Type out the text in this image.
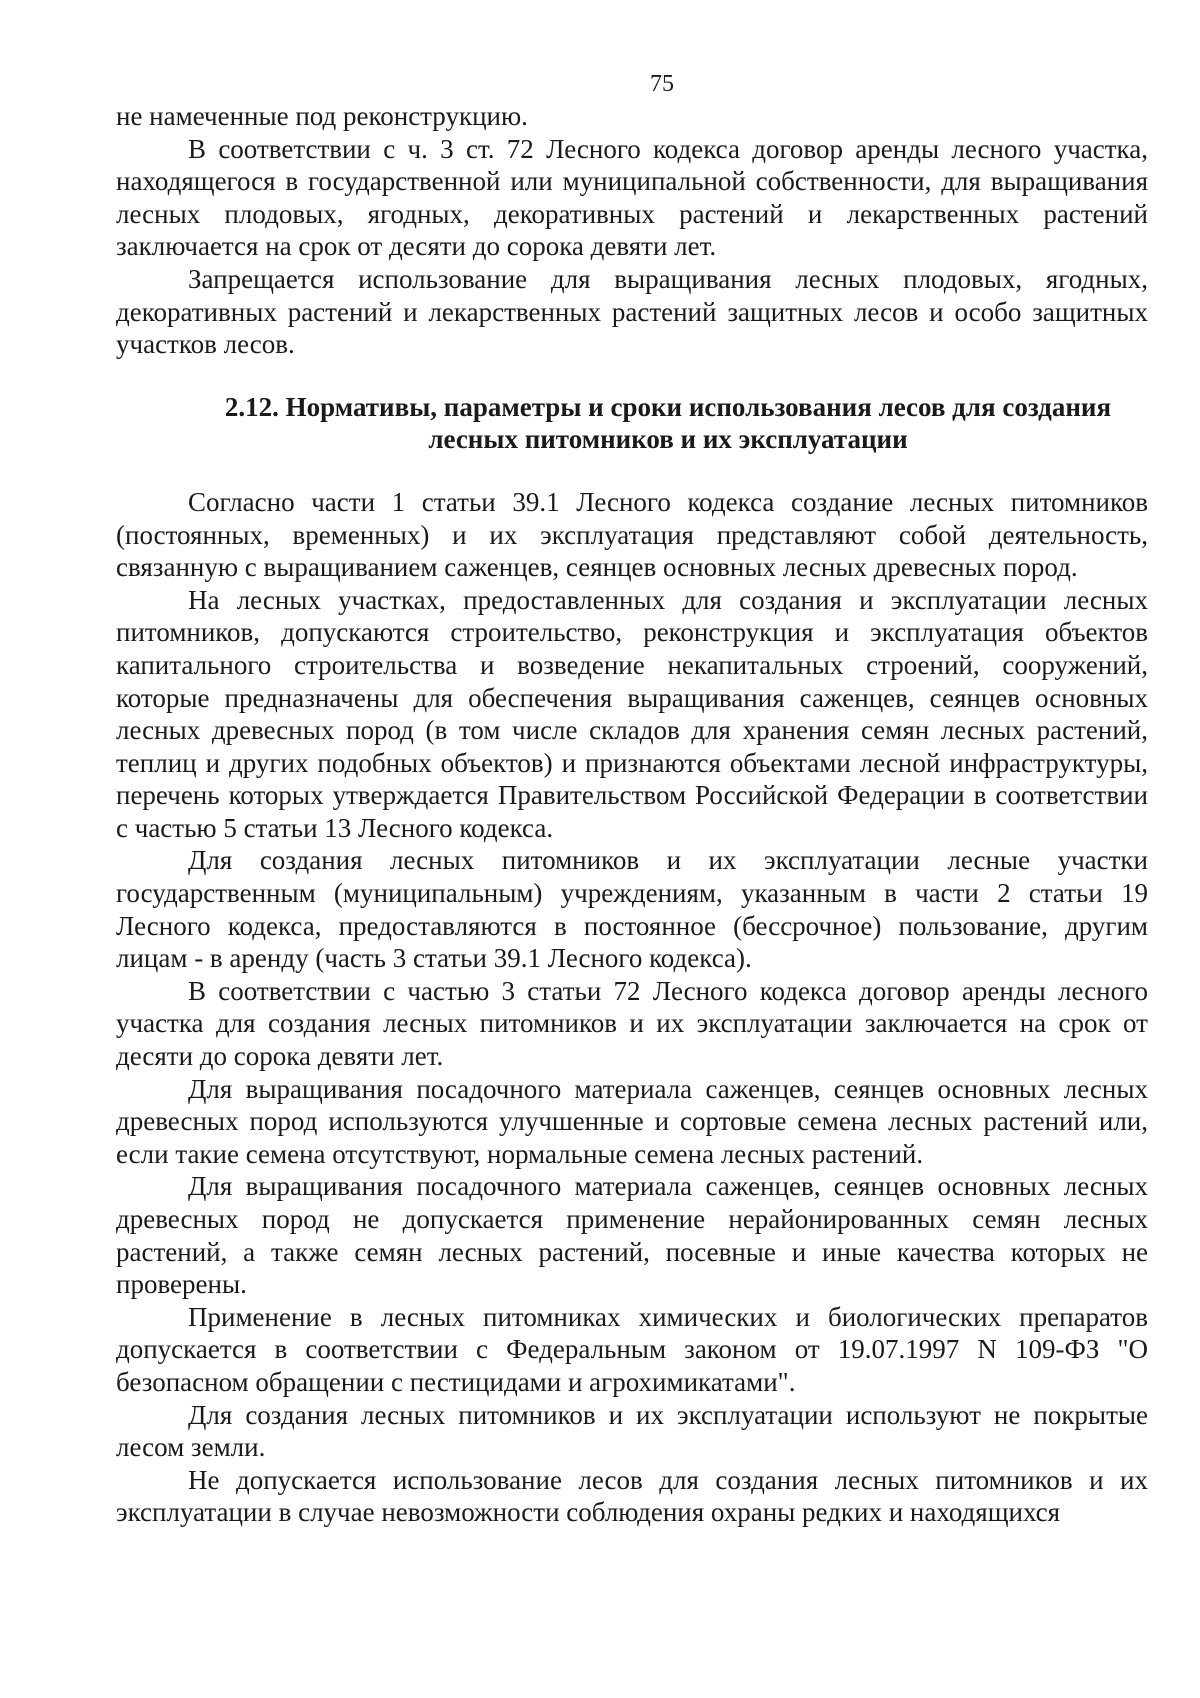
75

не намеченные под реконструкцию.

В соответствии с ч. 3 ст. 72 Лесного кодекса договор аренды лесного участка, находящегося в государственной или муниципальной собственности, для выращивания лесных плодовых, ягодных, декоративных растений и лекарственных растений заключается на срок от десяти до сорока девяти лет.

Запрещается использование для выращивания лесных плодовых, ягодных, декоративных растений и лекарственных растений защитных лесов и особо защитных участков лесов.

2.12. Нормативы, параметры и сроки использования лесов для создания
лесных питомников и их эксплуатации

Согласно части 1 статьи 39.1 Лесного кодекса создание лесных питомников (постоянных, временных) и их эксплуатация представляют собой деятельность, связанную с выращиванием саженцев, сеянцев основных лесных древесных пород.

На лесных участках, предоставленных для создания и эксплуатации лесных питомников, допускаются строительство, реконструкция и эксплуатация объектов капитального строительства и возведение некапитальных строений, сооружений, которые предназначены для обеспечения выращивания саженцев, сеянцев основных лесных древесных пород (в том числе складов для хранения семян лесных растений, теплиц и других подобных объектов) и признаются объектами лесной инфраструктуры, перечень которых утверждается Правительством Российской Федерации в соответствии с частью 5 статьи 13 Лесного кодекса.

Для создания лесных питомников и их эксплуатации лесные участки государственным (муниципальным) учреждениям, указанным в части 2 статьи 19 Лесного кодекса, предоставляются в постоянное (бессрочное) пользование, другим лицам - в аренду (часть 3 статьи 39.1 Лесного кодекса).

В соответствии с частью 3 статьи 72 Лесного кодекса договор аренды лесного участка для создания лесных питомников и их эксплуатации заключается на срок от десяти до сорока девяти лет.

Для выращивания посадочного материала саженцев, сеянцев основных лесных древесных пород используются улучшенные и сортовые семена лесных растений или, если такие семена отсутствуют, нормальные семена лесных растений.

Для выращивания посадочного материала саженцев, сеянцев основных лесных древесных пород не допускается применение нерайонированных семян лесных растений, а также семян лесных растений, посевные и иные качества которых не проверены.

Применение в лесных питомниках химических и биологических препаратов допускается в соответствии с Федеральным законом от 19.07.1997 N 109-ФЗ "О безопасном обращении с пестицидами и агрохимикатами".

Для создания лесных питомников и их эксплуатации используют не покрытые лесом земли.

Не допускается использование лесов для создания лесных питомников и их эксплуатации в случае невозможности соблюдения охраны редких и находящихся
